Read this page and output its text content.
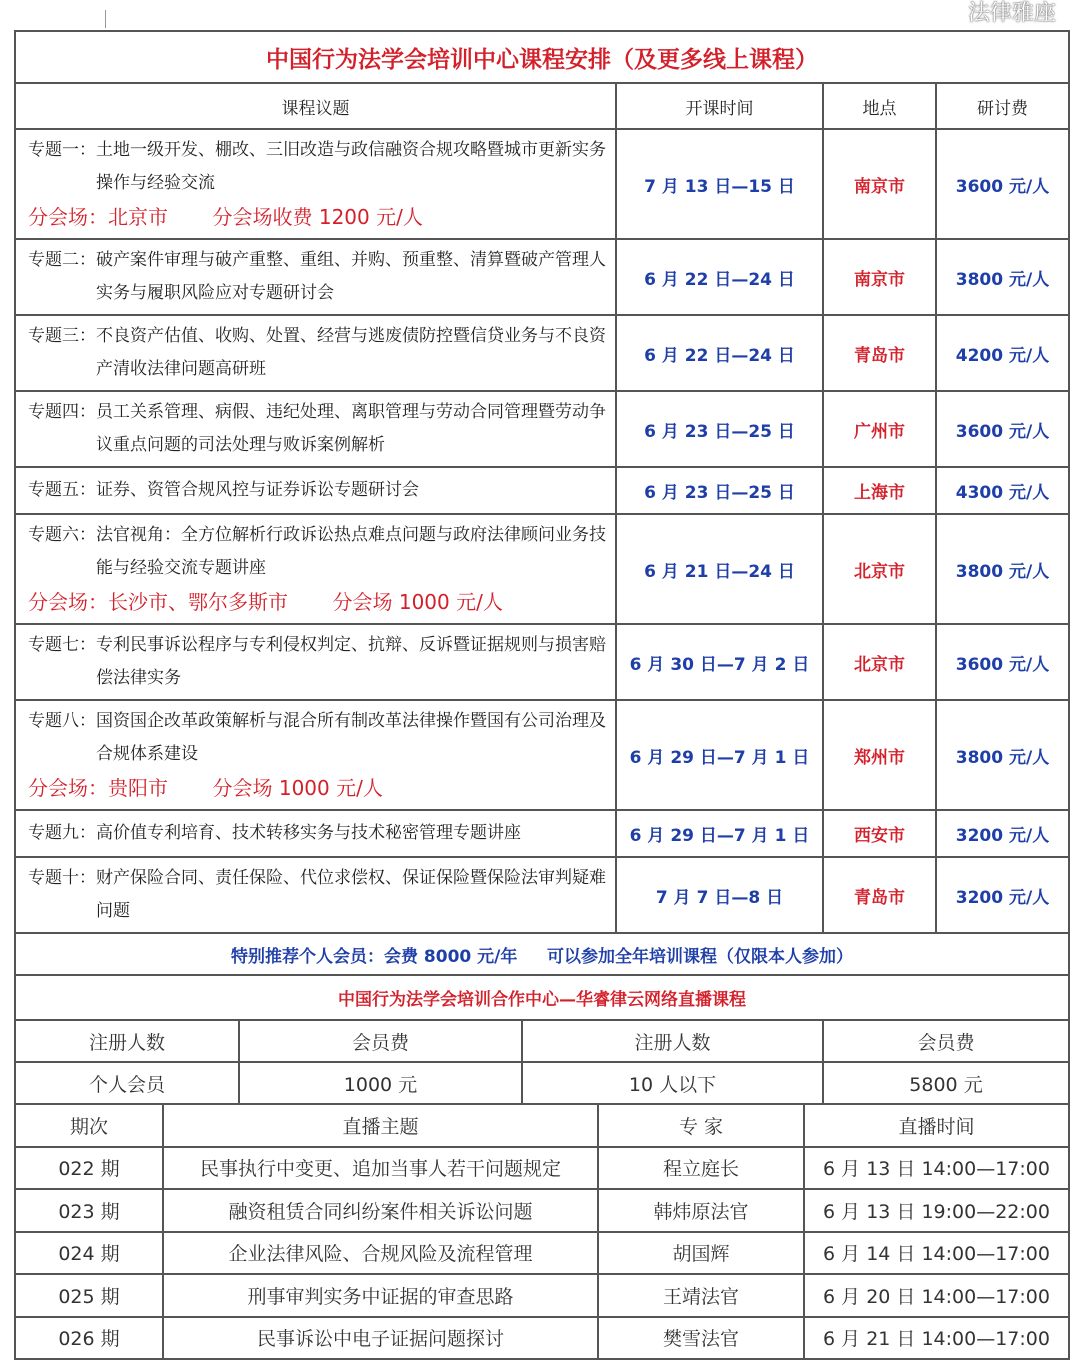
法律雅座
中国行为法学会培训中心课程安排（及更多线上课程）			
课程议题	开课时间	地点	研讨费

专题一： 土地一级开发、棚改、三旧改造与政信融资合规攻略暨城市更新实务操作与经验交流
分会场：北京市       分会场收费 1200 元/人	7 月 13 日—15 日	南京市	3600 元/人

专题二： 破产案件审理与破产重整、重组、并购、预重整、清算暨破产管理人实务与履职风险应对专题研讨会	6 月 22 日—24 日	南京市	3800 元/人

专题三： 不良资产估值、收购、处置、经营与逃废债防控暨信贷业务与不良资产清收法律问题高研班	6 月 22 日—24 日	青岛市	4200 元/人

专题四： 员工关系管理、病假、违纪处理、离职管理与劳动合同管理暨劳动争议重点问题的司法处理与败诉案例解析	6 月 23 日—25 日	广州市	3600 元/人

专题五： 证券、资管合规风控与证券诉讼专题研讨会	6 月 23 日—25 日	上海市	4300 元/人

专题六： 法官视角：全方位解析行政诉讼热点难点问题与政府法律顾问业务技能与经验交流专题讲座
分会场：长沙市、鄂尔多斯市       分会场 1000 元/人	6 月 21 日—24 日	北京市	3800 元/人

专题七： 专利民事诉讼程序与专利侵权判定、抗辩、反诉暨证据规则与损害赔偿法律实务	6 月 30 日—7 月 2 日	北京市	3600 元/人

专题八： 国资国企改革政策解析与混合所有制改革法律操作暨国有公司治理及合规体系建设
分会场：贵阳市       分会场 1000 元/人	6 月 29 日—7 月 1 日	郑州市	3800 元/人

专题九： 高价值专利培育、技术转移实务与技术秘密管理专题讲座	6 月 29 日—7 月 1 日	西安市	3200 元/人

专题十： 财产保险合同、责任保险、代位求偿权、保证保险暨保险法审判疑难问题	7 月 7 日—8 日	青岛市	3200 元/人
特别推荐个人会员：会费 8000 元/年     可以参加全年培训课程（仅限本人参加）			
中国行为法学会培训合作中心—华睿律云网络直播课程			
注册人数	会员费	注册人数	会员费
个人会员	1000 元	10 人以下	5800 元
期次	直播主题	专 家	直播时间
022 期	民事执行中变更、追加当事人若干问题规定	程立庭长	6 月 13 日 14:00—17:00
023 期	融资租赁合同纠纷案件相关诉讼问题	韩炜原法官	6 月 13 日 19:00—22:00
024 期	企业法律风险、合规风险及流程管理	胡国辉	6 月 14 日 14:00—17:00
025 期	刑事审判实务中证据的审查思路	王靖法官	6 月 20 日 14:00—17:00
026 期	民事诉讼中电子证据问题探讨	樊雪法官	6 月 21 日 14:00—17:00
